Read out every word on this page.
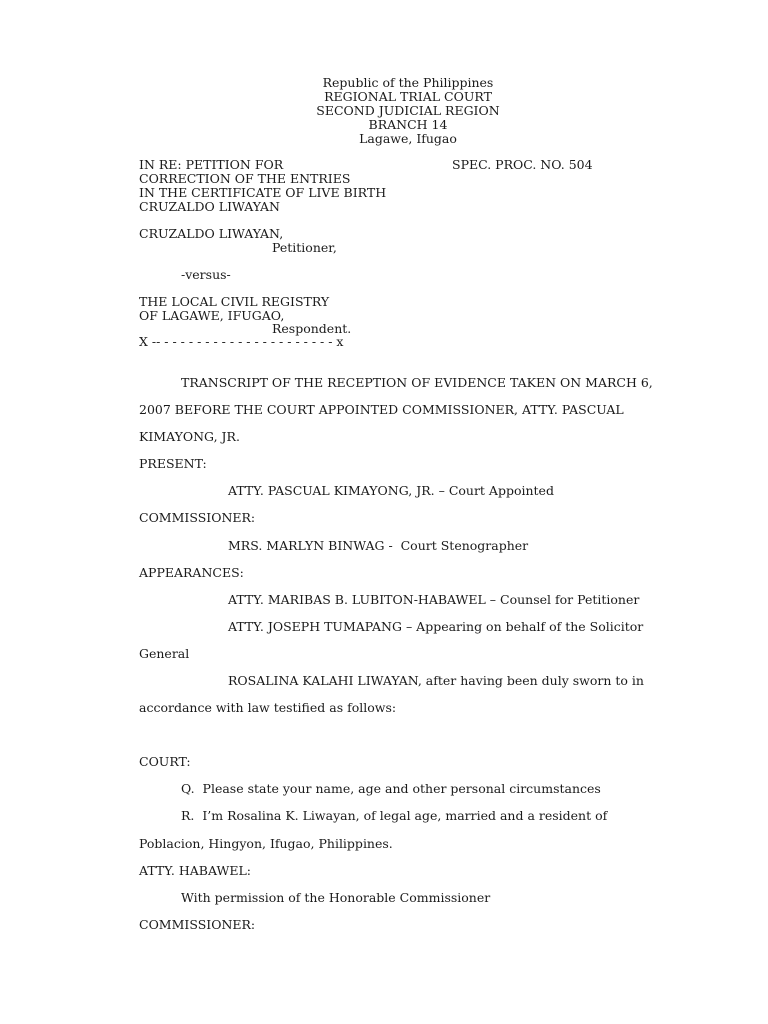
Republic of the Philippines
REGIONAL TRIAL COURT
SECOND JUDICIAL REGION
BRANCH 14
Lagawe, Ifugao
IN RE: PETITION FOR	SPEC. PROC. NO. 504
CORRECTION OF THE ENTRIES
IN THE CERTIFICATE OF LIVE BIRTH
CRUZALDO LIWAYAN
CRUZALDO LIWAYAN,
Petitioner,
-versus-
THE LOCAL CIVIL REGISTRY
OF LAGAWE, IFUGAO,
Respondent.
X -- - - - - - - - - - - - - - - - - - - - - - x
TRANSCRIPT OF THE RECEPTION OF EVIDENCE TAKEN ON MARCH 6,
2007 BEFORE THE COURT APPOINTED COMMISSIONER, ATTY. PASCUAL
KIMAYONG, JR.
PRESENT:
ATTY. PASCUAL KIMAYONG, JR. – Court Appointed
COMMISSIONER:
MRS. MARLYN BINWAG -  Court Stenographer
APPEARANCES:
ATTY. MARIBAS B. LUBITON-HABAWEL – Counsel for Petitioner
ATTY. JOSEPH TUMAPANG – Appearing on behalf of the Solicitor
General
ROSALINA KALAHI LIWAYAN, after having been duly sworn to in
accordance with law testified as follows:
COURT:
Q.  Please state your name, age and other personal circumstances
R.  I’m Rosalina K. Liwayan, of legal age, married and a resident of
Poblacion, Hingyon, Ifugao, Philippines.
ATTY. HABAWEL:
With permission of the Honorable Commissioner
COMMISSIONER:
